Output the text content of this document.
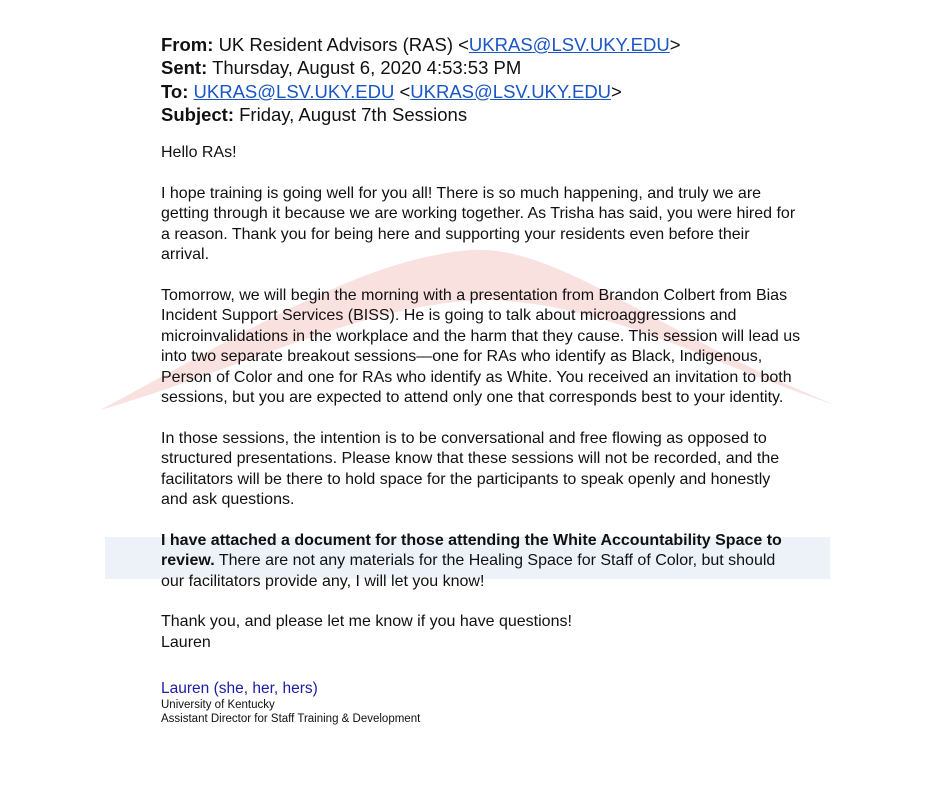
From: UK Resident Advisors (RAS) <UKRAS@LSV.UKY.EDU>
Sent: Thursday, August 6, 2020 4:53:53 PM
To: UKRAS@LSV.UKY.EDU <UKRAS@LSV.UKY.EDU>
Subject: Friday, August 7th Sessions

Hello RAs!

I hope training is going well for you all! There is so much happening, and truly we are getting through it because we are working together. As Trisha has said, you were hired for a reason. Thank you for being here and supporting your residents even before their arrival.

Tomorrow, we will begin the morning with a presentation from Brandon Colbert from Bias Incident Support Services (BISS). He is going to talk about microaggressions and microinvalidations in the workplace and the harm that they cause. This session will lead us into two separate breakout sessions—one for RAs who identify as Black, Indigenous, Person of Color and one for RAs who identify as White. You received an invitation to both sessions, but you are expected to attend only one that corresponds best to your identity.

In those sessions, the intention is to be conversational and free flowing as opposed to structured presentations. Please know that these sessions will not be recorded, and the facilitators will be there to hold space for the participants to speak openly and honestly and ask questions.

I have attached a document for those attending the White Accountability Space to review. There are not any materials for the Healing Space for Staff of Color, but should our facilitators provide any, I will let you know!

Thank you, and please let me know if you have questions!
Lauren

Lauren (she, her, hers)
University of Kentucky
Assistant Director for Staff Training & Development
